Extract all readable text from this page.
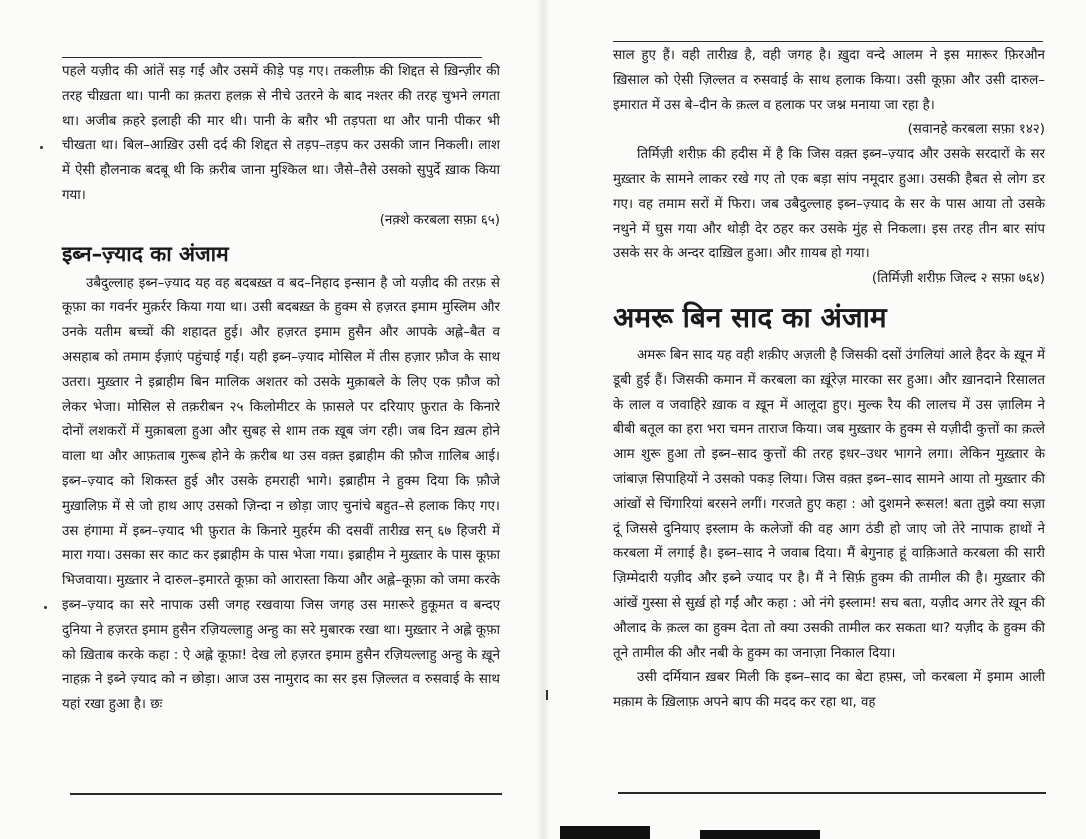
पहले यज़ीद की आंतें सड़ गईं और उसमें कीड़े पड़ गए। तकलीफ़ की शिद्दत से ख़िन्ज़ीर की तरह चीख़ता था। पानी का क़तरा हलक़ से नीचे उतरने के बाद नश्तर की तरह चुभने लगता था। अजीब क़हरे इलाही की मार थी। पानी के बग़ैर भी तड़पता था और पानी पीकर भी चीखता था। बिल–आख़िर उसी दर्द की शिद्दत से तड़प–तड़प कर उसकी जान निकली। लाश में ऐसी हौलनाक बदबू थी कि क़रीब जाना मुश्किल था। जैसे–तैसे उसको सुपुर्दे ख़ाक किया गया।
(नक़्शे करबला सफ़ा ६५)

इब्न–ज़्याद का अंजाम

उबैदुल्लाह इब्न–ज़्याद यह वह बदबख़्त व बद–निहाद इन्सान है जो यज़ीद की तरफ़ से कूफ़ा का गवर्नर मुक़र्रर किया गया था। उसी बदबख़्त के हुक्म से हज़रत इमाम मुस्लिम और उनके यतीम बच्चों की शहादत हुई। और हज़रत इमाम हुसैन और आपके अह्ले–बैत व असहाब को तमाम ईज़ाएं पहुंचाई गईं। यही इब्न–ज़्याद मोसिल में तीस हज़ार फ़ौज के साथ उतरा। मुख़्तार ने इब्राहीम बिन मालिक अशतर को उसके मुक़ाबले के लिए एक फ़ौज को लेकर भेजा। मोसिल से तक़रीबन २५ किलोमीटर के फ़ासले पर दरियाए फ़ुरात के किनारे दोनों लशकरों में मुक़ाबला हुआ और सुबह से शाम तक ख़ूब जंग रही। जब दिन ख़त्म होने वाला था और आफ़ताब गुरूब होने के क़रीब था उस वक़्त इब्राहीम की फ़ौज ग़ालिब आई। इब्न–ज़्याद को शिकस्त हुई और उसके हमराही भागे। इब्राहीम ने हुक्म दिया कि फ़ौजे मुख़ालिफ़ में से जो हाथ आए उसको ज़िन्दा न छोड़ा जाए चुनांचे बहुत–से हलाक किए गए। उस हंगामा में इब्न–ज़्याद भी फ़ुरात के किनारे मुहर्रम की दसवीं तारीख़ सन् ६७ हिजरी में मारा गया। उसका सर काट कर इब्राहीम के पास भेजा गया। इब्राहीम ने मुख़्तार के पास कूफ़ा भिजवाया। मुख़्तार ने दारुल–इमारते कूफ़ा को आरास्ता किया और अह्ले–कूफ़ा को जमा करके इब्न–ज़्याद का सरे नापाक उसी जगह रखवाया जिस जगह उस मग़रूरे हुकूमत व बन्दए दुनिया ने हज़रत इमाम हुसैन रज़ियल्लाहु अन्हु का सरे मुबारक रखा था। मुख़्तार ने अह्ले कूफ़ा को ख़िताब करके कहा : ऐ अह्ले कूफ़ा! देख लो हज़रत इमाम हुसैन रज़ियल्लाहु अन्हु के ख़ूने नाहक़ ने इब्ने ज़्याद को न छोड़ा। आज उस नामुराद का सर इस ज़िल्लत व रुसवाई के साथ यहां रखा हुआ है। छः

साल हुए हैं। वही तारीख़ है, वही जगह है। ख़ुदा वन्दे आलम ने इस मग़रूर फ़िरऔन ख़िसाल को ऐसी ज़िल्लत व रुसवाई के साथ हलाक किया। उसी कूफ़ा और उसी दारुल–इमारात में उस बे–दीन के क़त्ल व हलाक पर जश्न मनाया जा रहा है।
(सवानहे करबला सफ़ा १४२)

तिर्मिज़ी शरीफ़ की हदीस में है कि जिस वक़्त इब्न–ज़्याद और उसके सरदारों के सर मुख़्तार के सामने लाकर रखे गए तो एक बड़ा सांप नमूदार हुआ। उसकी हैबत से लोग डर गए। वह तमाम सरों में फिरा। जब उबैदुल्लाह इब्न–ज़्याद के सर के पास आया तो उसके नथुने में घुस गया और थोड़ी देर ठहर कर उसके मुंह से निकला। इस तरह तीन बार सांप उसके सर के अन्दर दाख़िल हुआ। और ग़ायब हो गया।

(तिर्मिज़ी शरीफ़ जिल्द २ सफ़ा ७६४)
अमरू बिन साद का अंजाम

अमरू बिन साद यह वही शक़ीए अज़ली है जिसकी दसों उंगलियां आले हैदर के ख़ून में डूबी हुई हैं। जिसकी कमान में करबला का ख़ूंरेज़ मारका सर हुआ। और ख़ानदाने रिसालत के लाल व जवाहिरे ख़ाक व ख़ून में आलूदा हुए। मुल्क रैय की लालच में उस ज़ालिम ने बीबी बतूल का हरा भरा चमन ताराज किया। जब मुख़्तार के हुक्म से यज़ीदी कुत्तों का क़त्ले आम शुरू हुआ तो इब्न–साद कुत्तों की तरह इधर–उधर भागने लगा। लेकिन मुख़्तार के जांबाज़ सिपाहियों ने उसको पकड़ लिया। जिस वक़्त इब्न–साद सामने आया तो मुख़्तार की आंखों से चिंगारियां बरसने लगीं। गरजते हुए कहा : ओ दुशमने रूसल! बता तुझे क्या सज़ा दूं जिससे दुनियाए इस्लाम के कलेजों की वह आग ठंडी हो जाए जो तेरे नापाक हाथों ने करबला में लगाई है। इब्न–साद ने जवाब दिया। मैं बेगुनाह हूं वाक़िआते करबला की सारी ज़िम्मेदारी यज़ीद और इब्ने ज्याद पर है। मैं ने सिर्फ़ हुक्म की तामील की है। मुख़्तार की आंखें गुस्सा से सुर्ख़ हो गईं और कहा : ओ नंगे इस्लाम! सच बता, यज़ीद अगर तेरे ख़ून की औलाद के क़त्ल का हुक्म देता तो क्या उसकी तामील कर सकता था? यज़ीद के हुक्म की तूने तामील की और नबी के हुक्म का जनाज़ा निकाल दिया।

उसी दर्मियान ख़बर मिली कि इब्न–साद का बेटा हफ़्स, जो करबला में इमाम आली मक़ाम के ख़िलाफ़ अपने बाप की मदद कर रहा था, वह
